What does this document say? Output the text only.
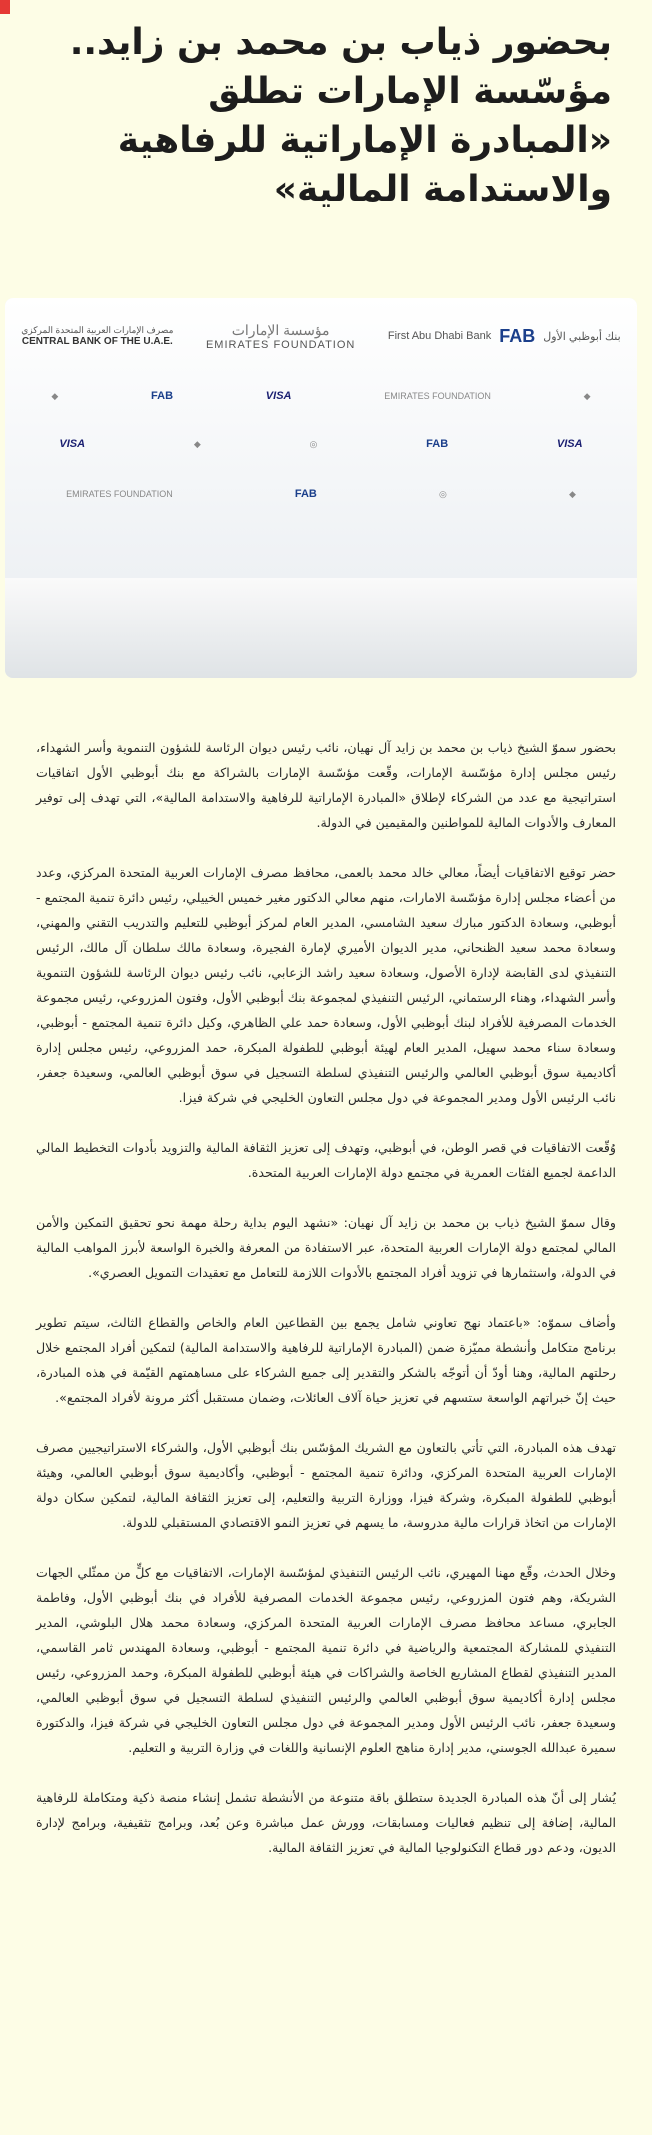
بحضور ذياب بن محمد بن زايد.. مؤسّسة الإمارات تطلق «المبادرة الإماراتية للرفاهية والاستدامة المالية»
مصرف الإمارات العربية المتحدة المركزي
CENTRAL BANK OF THE U.A.E.
مؤسسة الإمارات
EMIRATES FOUNDATION
First Abu Dhabi Bank FAB بنك أبوظبي الأول
◆	FAB	VISA	EMIRATES FOUNDATION	◆
VISA	◆	◎	FAB	VISA
EMIRATES FOUNDATION	FAB	◎	◆

بحضور سموّ الشيخ ذياب بن محمد بن زايد آل نهيان، نائب رئيس ديوان الرئاسة للشؤون التنموية وأسر الشهداء، رئيس مجلس إدارة مؤسّسة الإمارات، وقّعت مؤسّسة الإمارات بالشراكة مع بنك أبوظبي الأول اتفاقيات استراتيجية مع عدد من الشركاء لإطلاق «المبادرة الإماراتية للرفاهية والاستدامة المالية»، التي تهدف إلى توفير المعارف والأدوات المالية للمواطنين والمقيمين في الدولة.

حضر توقيع الاتفاقيات أيضاً، معالي خالد محمد بالعمى، محافظ مصرف الإمارات العربية المتحدة المركزي، وعدد من أعضاء مجلس إدارة مؤسّسة الامارات، منهم معالي الدكتور مغير خميس الخييلي، رئيس دائرة تنمية المجتمع - أبوظبي، وسعادة الدكتور مبارك سعيد الشامسي، المدير العام لمركز أبوظبي للتعليم والتدريب التقني والمهني، وسعادة محمد سعيد الظنحاني، مدير الديوان الأميري لإمارة الفجيرة، وسعادة مالك سلطان آل مالك، الرئيس التنفيذي لدى القابضة لإدارة الأصول، وسعادة سعيد راشد الزعابي، نائب رئيس ديوان الرئاسة للشؤون التنموية وأسر الشهداء، وهناء الرستماني، الرئيس التنفيذي لمجموعة بنك أبوظبي الأول، وفتون المزروعي، رئيس مجموعة الخدمات المصرفية للأفراد لبنك أبوظبي الأول، وسعادة حمد علي الظاهري، وكيل دائرة تنمية المجتمع - أبوظبي، وسعادة سناء محمد سهيل، المدير العام لهيئة أبوظبي للطفولة المبكرة، حمد المزروعي، رئيس مجلس إدارة أكاديمية سوق أبوظبي العالمي والرئيس التنفيذي لسلطة التسجيل في سوق أبوظبي العالمي، وسعيدة جعفر، نائب الرئيس الأول ومدير المجموعة في دول مجلس التعاون الخليجي في شركة فيزا.

وُقّعت الاتفاقيات في قصر الوطن، في أبوظبي، وتهدف إلى تعزيز الثقافة المالية والتزويد بأدوات التخطيط المالي الداعمة لجميع الفئات العمرية في مجتمع دولة الإمارات العربية المتحدة.

وقال سموّ الشيخ ذياب بن محمد بن زايد آل نهيان: «نشهد اليوم بداية رحلة مهمة نحو تحقيق التمكين والأمن المالي لمجتمع دولة الإمارات العربية المتحدة، عبر الاستفادة من المعرفة والخبرة الواسعة لأبرز المواهب المالية في الدولة، واستثمارها في تزويد أفراد المجتمع بالأدوات اللازمة للتعامل مع تعقيدات التمويل العصري».

وأضاف سموّه: «باعتماد نهج تعاوني شامل يجمع بين القطاعين العام والخاص والقطاع الثالث، سيتم تطوير برنامج متكامل وأنشطة مميّزة ضمن (المبادرة الإماراتية للرفاهية والاستدامة المالية) لتمكين أفراد المجتمع خلال رحلتهم المالية، وهنا أودّ أن أتوجّه بالشكر والتقدير إلى جميع الشركاء على مساهمتهم القيّمة في هذه المبادرة، حيث إنّ خبراتهم الواسعة ستسهم في تعزيز حياة آلاف العائلات، وضمان مستقبل أكثر مرونة لأفراد المجتمع».

تهدف هذه المبادرة، التي تأتي بالتعاون مع الشريك المؤسّس بنك أبوظبي الأول، والشركاء الاستراتيجيين مصرف الإمارات العربية المتحدة المركزي، ودائرة تنمية المجتمع - أبوظبي، وأكاديمية سوق أبوظبي العالمي، وهيئة أبوظبي للطفولة المبكرة، وشركة فيزا، ووزارة التربية والتعليم، إلى تعزيز الثقافة المالية، لتمكين سكان دولة الإمارات من اتخاذ قرارات مالية مدروسة، ما يسهم في تعزيز النمو الاقتصادي المستقبلي للدولة.

وخلال الحدث، وقّع مهنا المهيري، نائب الرئيس التنفيذي لمؤسّسة الإمارات، الاتفاقيات مع كلٍّ من ممثّلي الجهات الشريكة، وهم فتون المزروعي، رئيس مجموعة الخدمات المصرفية للأفراد في بنك أبوظبي الأول، وفاطمة الجابري، مساعد محافظ مصرف الإمارات العربية المتحدة المركزي، وسعادة محمد هلال البلوشي، المدير التنفيذي للمشاركة المجتمعية والرياضية في دائرة تنمية المجتمع - أبوظبي، وسعادة المهندس ثامر القاسمي، المدير التنفيذي لقطاع المشاريع الخاصة والشراكات في هيئة أبوظبي للطفولة المبكرة، وحمد المزروعي، رئيس مجلس إدارة أكاديمية سوق أبوظبي العالمي والرئيس التنفيذي لسلطة التسجيل في سوق أبوظبي العالمي، وسعيدة جعفر، نائب الرئيس الأول ومدير المجموعة في دول مجلس التعاون الخليجي في شركة فيزا، والدكتورة سميرة عبدالله الجوسني، مدير إدارة مناهج العلوم الإنسانية واللغات في وزارة التربية و التعليم.

يُشار إلى أنّ هذه المبادرة الجديدة ستطلق باقة متنوعة من الأنشطة تشمل إنشاء منصة ذكية ومتكاملة للرفاهية المالية، إضافة إلى تنظيم فعاليات ومسابقات، وورش عمل مباشرة وعن بُعد، وبرامج تثقيفية، وبرامج لإدارة الديون، ودعم دور قطاع التكنولوجيا المالية في تعزيز الثقافة المالية.
